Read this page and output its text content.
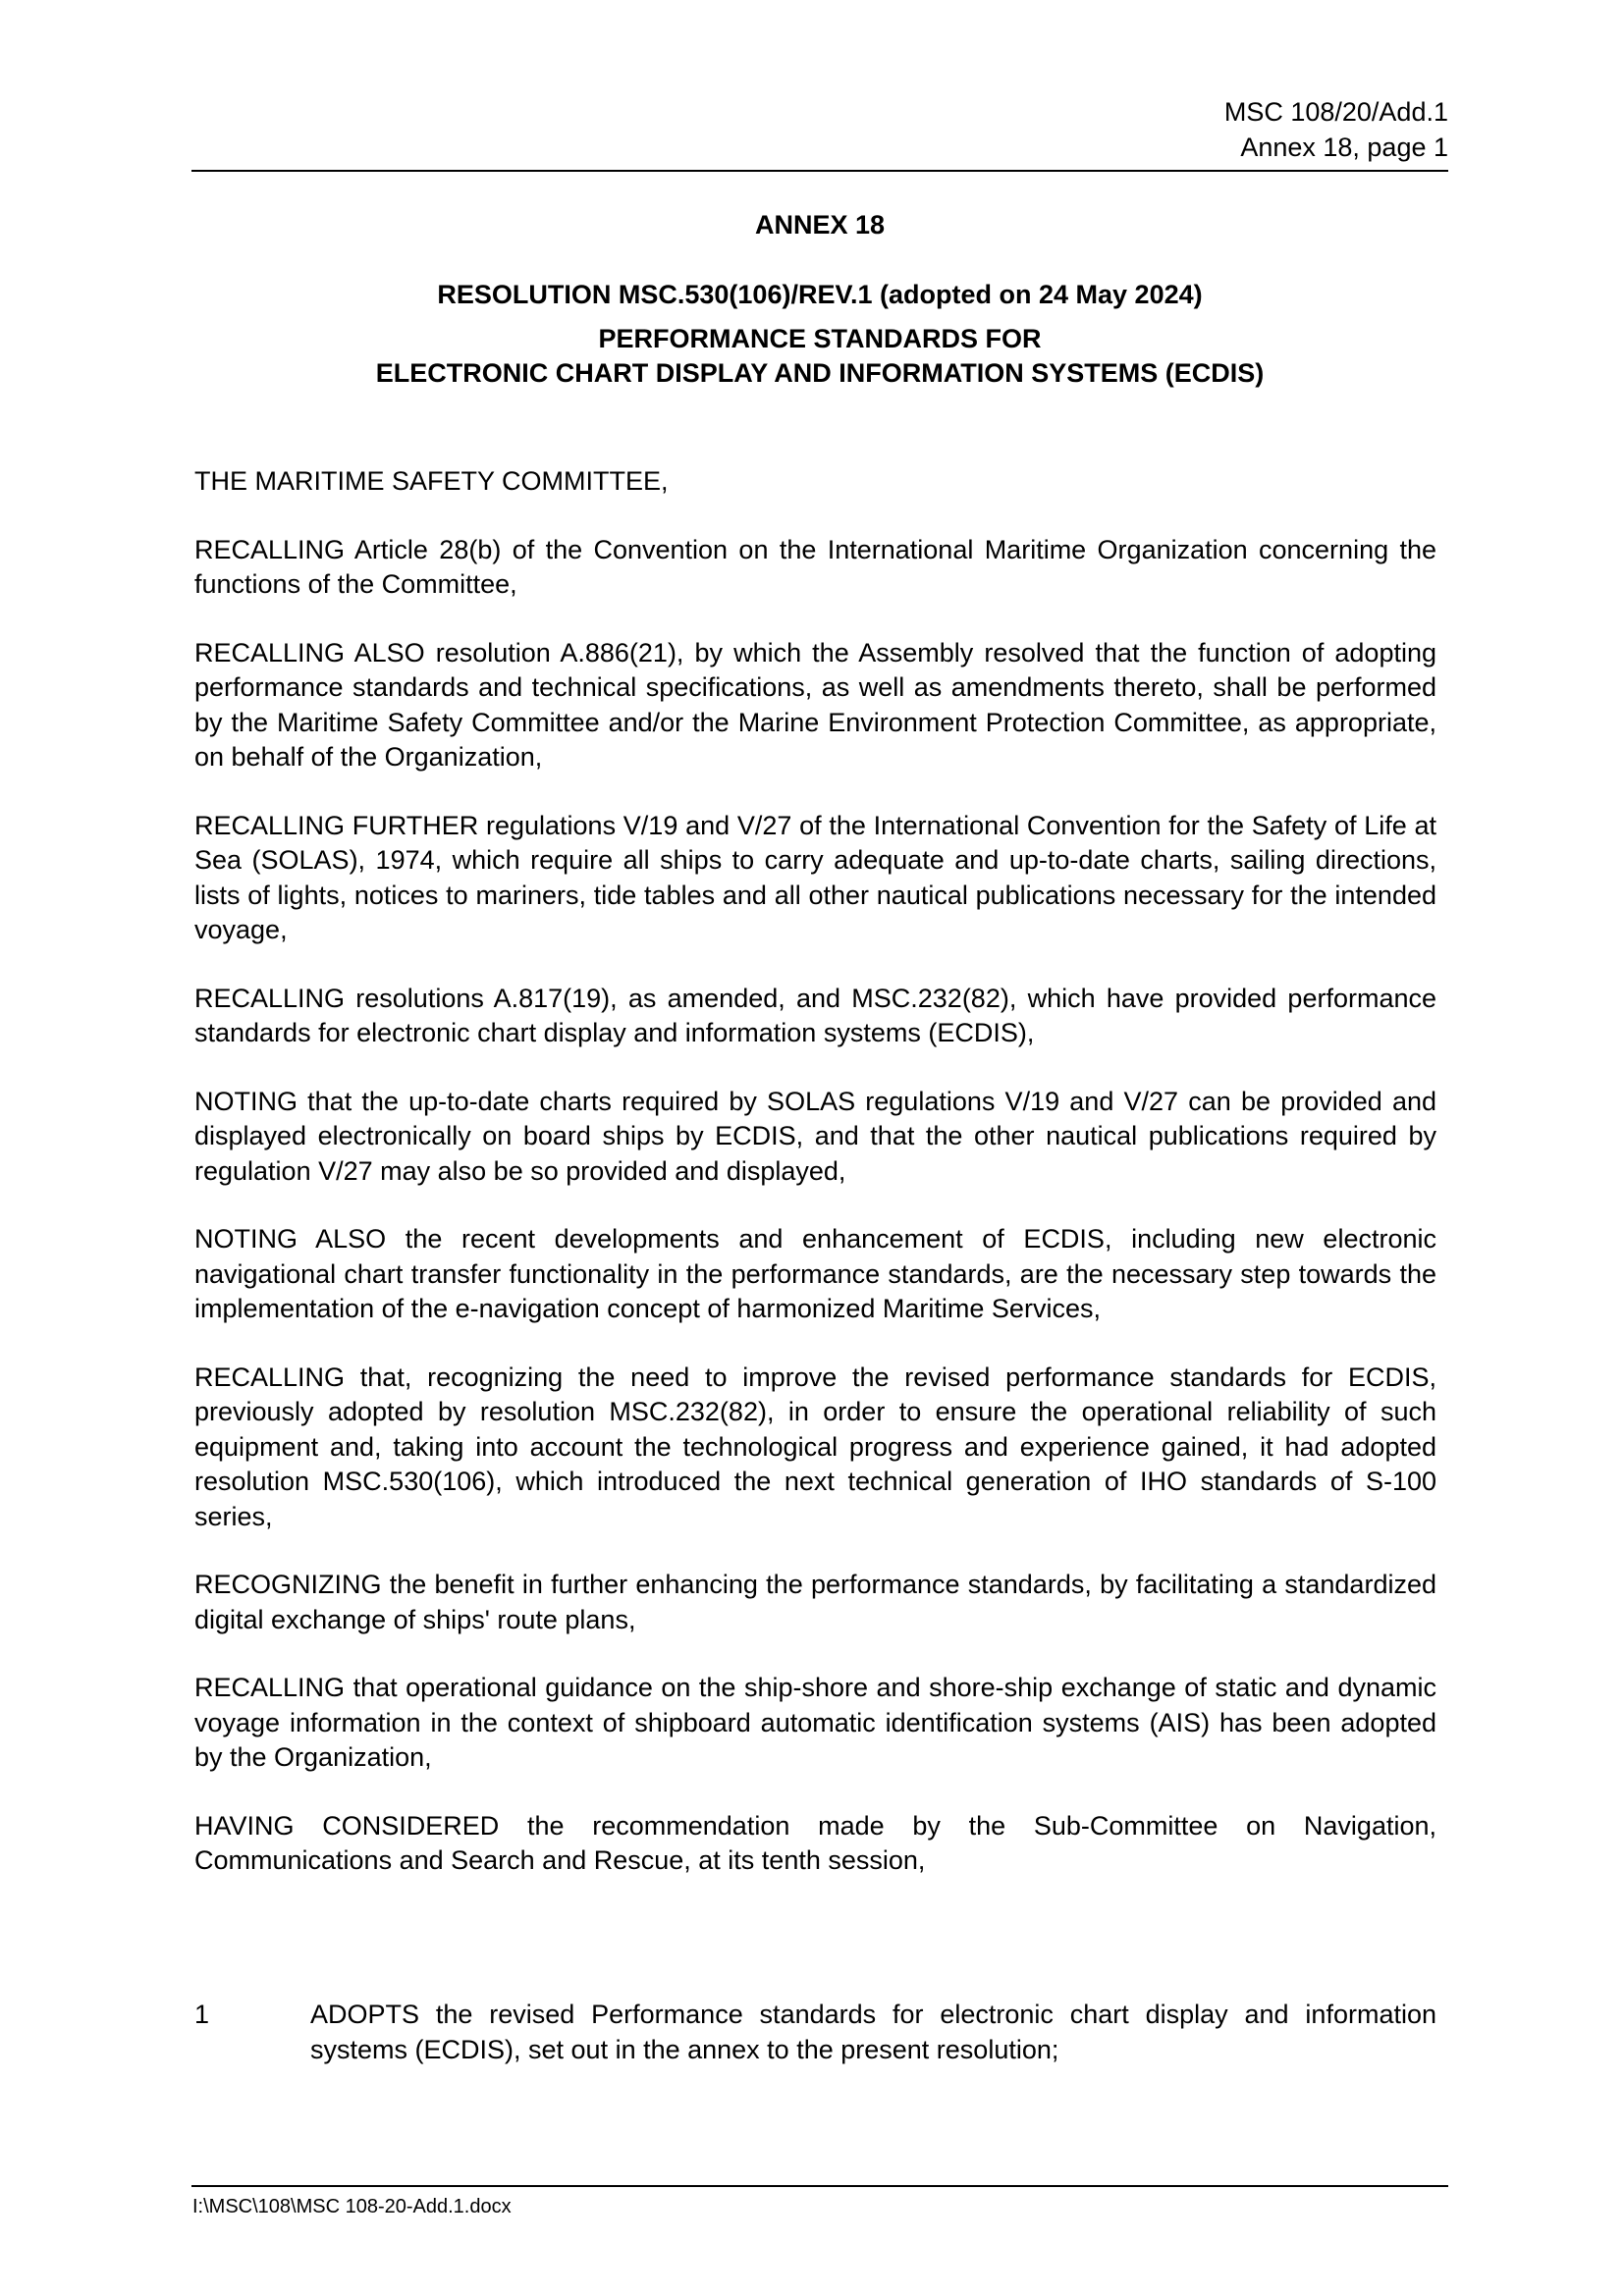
MSC 108/20/Add.1
Annex 18, page 1
ANNEX 18
RESOLUTION MSC.530(106)/REV.1 (adopted on 24 May 2024)
PERFORMANCE STANDARDS FOR
ELECTRONIC CHART DISPLAY AND INFORMATION SYSTEMS (ECDIS)

THE MARITIME SAFETY COMMITTEE,

RECALLING Article 28(b) of the Convention on the International Maritime Organization concerning the functions of the Committee,

RECALLING ALSO resolution A.886(21), by which the Assembly resolved that the function of adopting performance standards and technical specifications, as well as amendments thereto, shall be performed by the Maritime Safety Committee and/or the Marine Environment Protection Committee, as appropriate, on behalf of the Organization,

RECALLING FURTHER regulations V/19 and V/27 of the International Convention for the Safety of Life at Sea (SOLAS), 1974, which require all ships to carry adequate and up-to-date charts, sailing directions, lists of lights, notices to mariners, tide tables and all other nautical publications necessary for the intended voyage,

RECALLING resolutions A.817(19), as amended, and MSC.232(82), which have provided performance standards for electronic chart display and information systems (ECDIS),

NOTING that the up-to-date charts required by SOLAS regulations V/19 and V/27 can be provided and displayed electronically on board ships by ECDIS, and that the other nautical publications required by regulation V/27 may also be so provided and displayed,

NOTING ALSO the recent developments and enhancement of ECDIS, including new electronic navigational chart transfer functionality in the performance standards, are the necessary step towards the implementation of the e-navigation concept of harmonized Maritime Services,

RECALLING that, recognizing the need to improve the revised performance standards for ECDIS, previously adopted by resolution MSC.232(82), in order to ensure the operational reliability of such equipment and, taking into account the technological progress and experience gained, it had adopted resolution MSC.530(106), which introduced the next technical generation of IHO standards of S-100 series,

RECOGNIZING the benefit in further enhancing the performance standards, by facilitating a standardized digital exchange of ships' route plans,

RECALLING that operational guidance on the ship-shore and shore-ship exchange of static and dynamic voyage information in the context of shipboard automatic identification systems (AIS) has been adopted by the Organization,

HAVING CONSIDERED the recommendation made by the Sub-Committee on Navigation, Communications and Search and Rescue, at its tenth session,

1	ADOPTS the revised Performance standards for electronic chart display and information systems (ECDIS), set out in the annex to the present resolution;
I:\MSC\108\MSC 108-20-Add.1.docx
